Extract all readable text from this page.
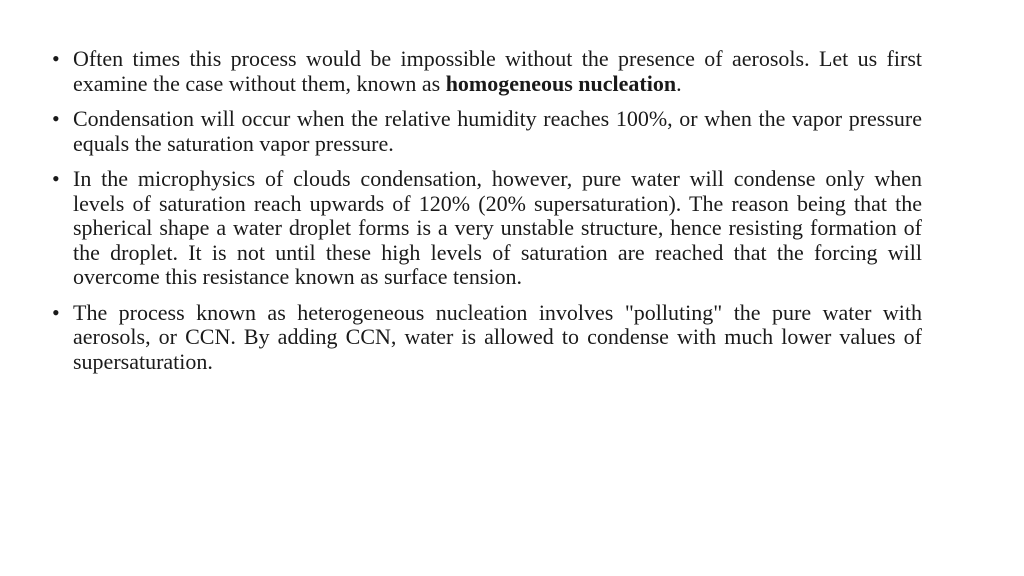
• Often times this process would be impossible without the presence of aerosols. Let us first examine the case without them, known as homogeneous nucleation.
• Condensation will occur when the relative humidity reaches 100%, or when the vapor pressure equals the saturation vapor pressure.
• In the microphysics of clouds condensation, however, pure water will condense only when levels of saturation reach upwards of 120% (20% supersaturation). The reason being that the spherical shape a water droplet forms is a very unstable structure, hence resisting formation of the droplet. It is not until these high levels of saturation are reached that the forcing will overcome this resistance known as surface tension.
• The process known as heterogeneous nucleation involves "polluting" the pure water with aerosols, or CCN. By adding CCN, water is allowed to condense with much lower values of supersaturation.
